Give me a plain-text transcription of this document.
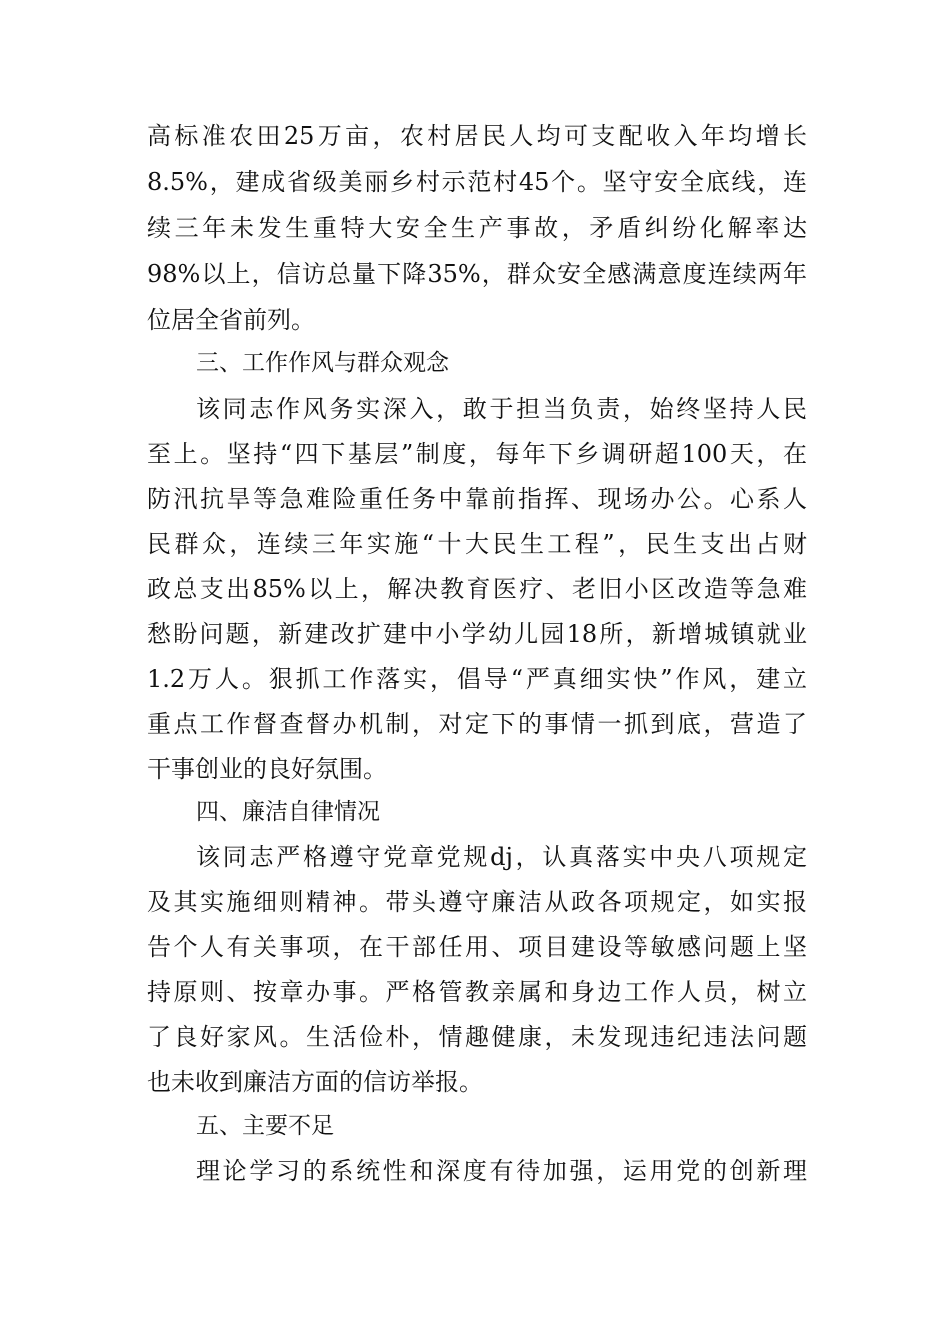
高标准农田25万亩，农村居民人均可支配收入年均增长
8.5%，建成省级美丽乡村示范村45个。坚守安全底线，连
续三年未发生重特大安全生产事故，矛盾纠纷化解率达
98%以上，信访总量下降35%，群众安全感满意度连续两年
位居全省前列。
三、工作作风与群众观念
该同志作风务实深入，敢于担当负责，始终坚持人民
至上。坚持“四下基层”制度，每年下乡调研超100天，在
防汛抗旱等急难险重任务中靠前指挥、现场办公。心系人
民群众，连续三年实施“十大民生工程”，民生支出占财
政总支出85%以上，解决教育医疗、老旧小区改造等急难
愁盼问题，新建改扩建中小学幼儿园18所，新增城镇就业
1.2万人。狠抓工作落实，倡导“严真细实快”作风，建立
重点工作督查督办机制，对定下的事情一抓到底，营造了
干事创业的良好氛围。
四、廉洁自律情况
该同志严格遵守党章党规dj，认真落实中央八项规定
及其实施细则精神。带头遵守廉洁从政各项规定，如实报
告个人有关事项，在干部任用、项目建设等敏感问题上坚
持原则、按章办事。严格管教亲属和身边工作人员，树立
了良好家风。生活俭朴，情趣健康，未发现违纪违法问题
也未收到廉洁方面的信访举报。
五、主要不足
理论学习的系统性和深度有待加强，运用党的创新理
